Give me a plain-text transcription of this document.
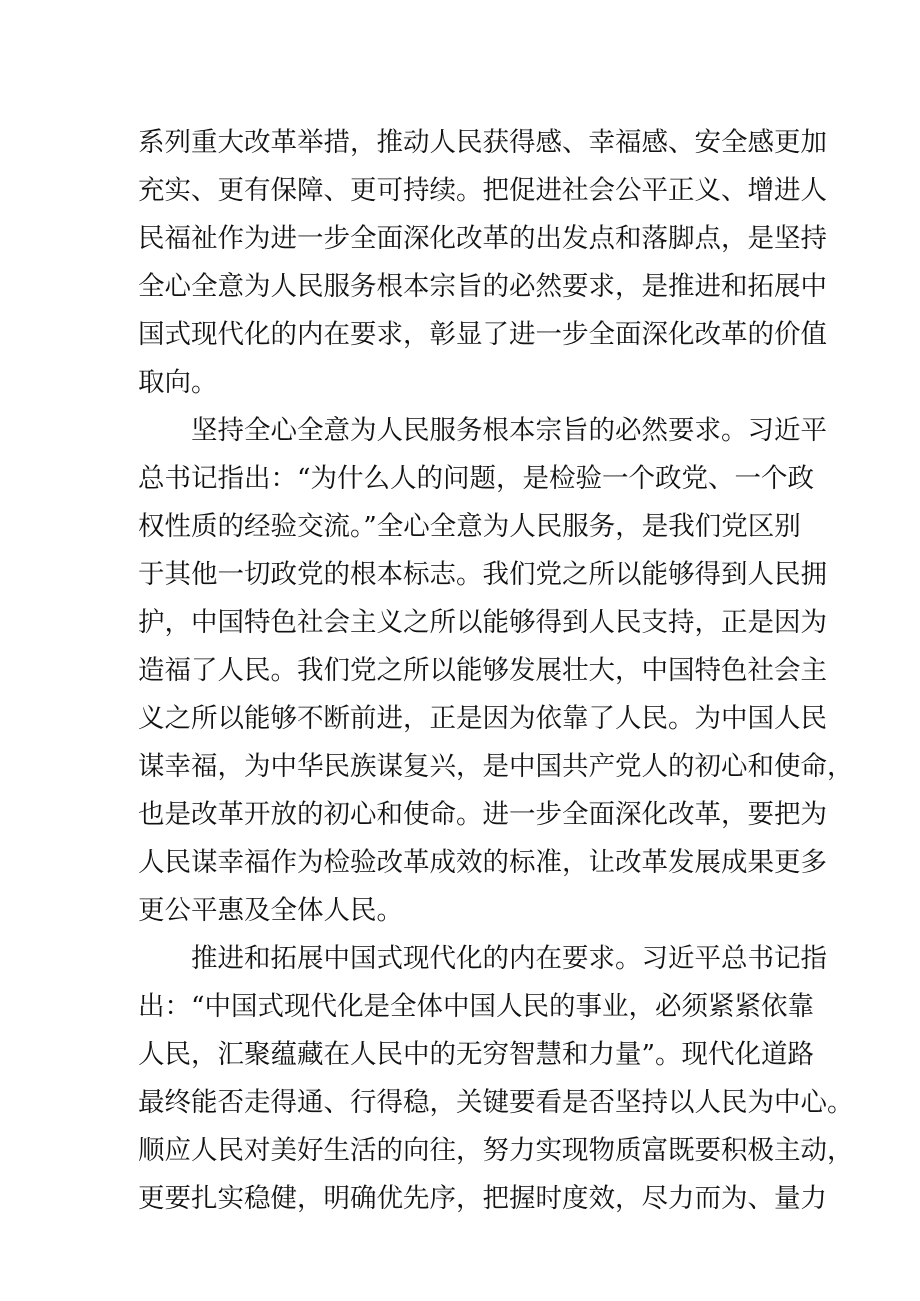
系列重大改革举措，推动人民获得感、幸福感、安全感更加
充实、更有保障、更可持续。把促进社会公平正义、增进人
民福祉作为进一步全面深化改革的出发点和落脚点，是坚持
全心全意为人民服务根本宗旨的必然要求，是推进和拓展中
国式现代化的内在要求，彰显了进一步全面深化改革的价值
取向。
坚持全心全意为人民服务根本宗旨的必然要求。习近平
总书记指出：“为什么人的问题，是检验一个政党、一个政
权性质的经验交流。”全心全意为人民服务，是我们党区别
于其他一切政党的根本标志。我们党之所以能够得到人民拥
护，中国特色社会主义之所以能够得到人民支持，正是因为
造福了人民。我们党之所以能够发展壮大，中国特色社会主
义之所以能够不断前进，正是因为依靠了人民。为中国人民
谋幸福，为中华民族谋复兴，是中国共产党人的初心和使命，
也是改革开放的初心和使命。进一步全面深化改革，要把为
人民谋幸福作为检验改革成效的标准，让改革发展成果更多
更公平惠及全体人民。
推进和拓展中国式现代化的内在要求。习近平总书记指
出：“中国式现代化是全体中国人民的事业，必须紧紧依靠
人民，汇聚蕴藏在人民中的无穷智慧和力量”。现代化道路
最终能否走得通、行得稳，关键要看是否坚持以人民为中心。
顺应人民对美好生活的向往，努力实现物质富既要积极主动，
更要扎实稳健，明确优先序，把握时度效，尽力而为、量力
